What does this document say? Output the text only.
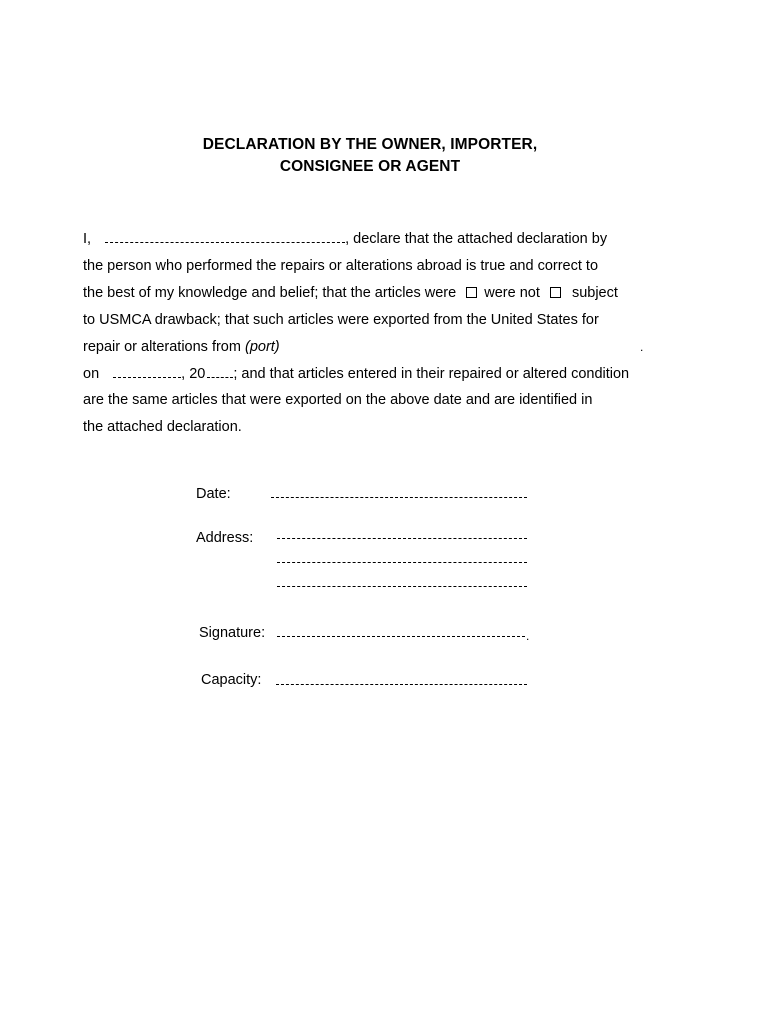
DECLARATION BY THE OWNER, IMPORTER,
CONSIGNEE OR AGENT
I,	, declare that the attached declaration by
the person who performed the repairs or alterations abroad is true and correct to
the best of my knowledge and belief; that the articles were were not subject
to USMCA drawback; that such articles were exported from the United States for
repair or alterations from (port)	.
on	, 20 ; and that articles entered in their repaired or altered condition
are the same articles that were exported on the above date and are identified in
the attached declaration.
Date:
Address:
Signature:	.
Capacity:
